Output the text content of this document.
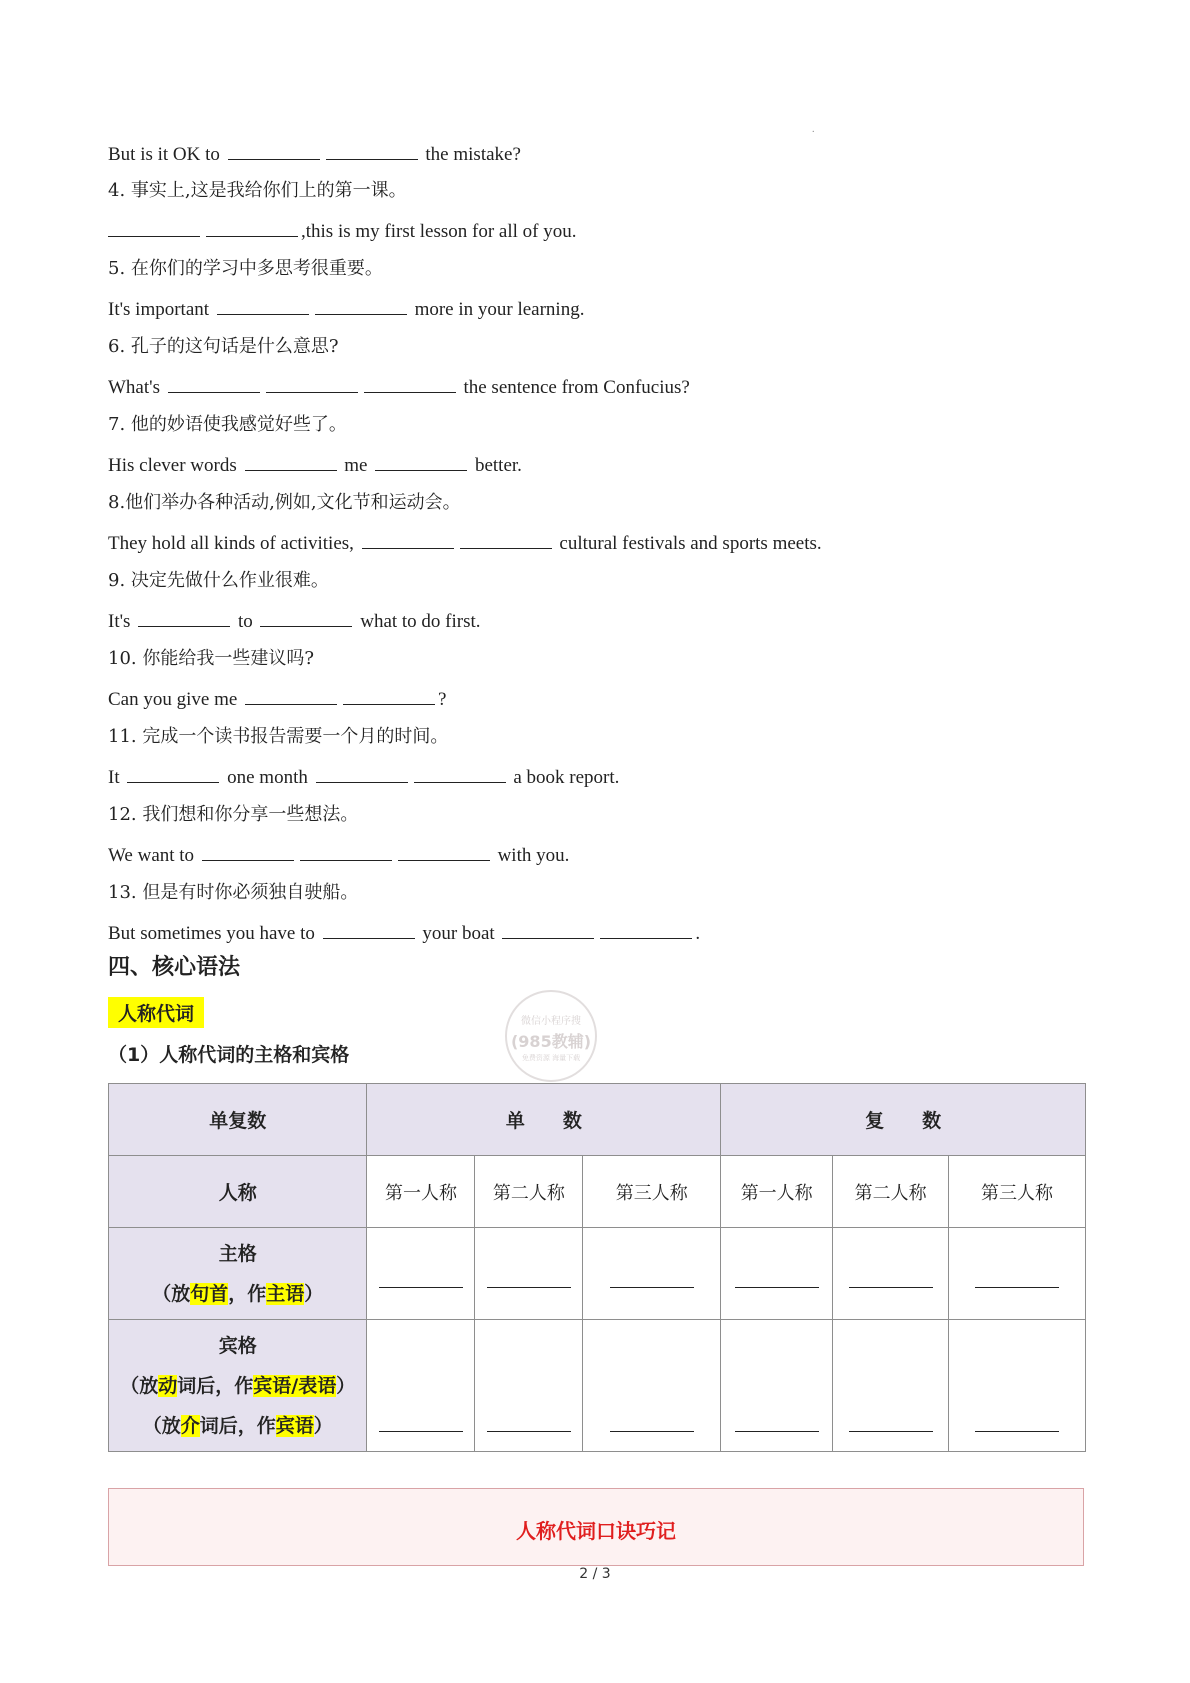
.
But is it OK to	the mistake?
4. 事实上,这是我给你们上的第一课。
,this is my first lesson for all of you.
5. 在你们的学习中多思考很重要。
It's important	more in your learning.
6. 孔子的这句话是什么意思?
What's	the sentence from Confucius?
7. 他的妙语使我感觉好些了。
His clever words	me	better.
8.他们举办各种活动,例如,文化节和运动会。
They hold all kinds of activities,	cultural festivals and sports meets.
9. 决定先做什么作业很难。
It's	to	what to do first.
10. 你能给我一些建议吗?
Can you give me	?
11. 完成一个读书报告需要一个月的时间。
It	one month	a book report.
12. 我们想和你分享一些想法。
We want to	with you.
13. 但是有时你必须独自驶船。
But sometimes you have to	your boat	.
四、核心语法
人称代词	微信小程序搜
(985教辅)
免费资源 海量下载
（1）人称代词的主格和宾格
单复数	单　　数			复　　数		
人称	第一人称	第二人称	第三人称	第一人称	第二人称	第三人称

主格
（放句首，作主语）						

宾格
（放动词后，作宾语/表语）
（放介词后，作宾语）						

人称代词口诀巧记
2 / 3
